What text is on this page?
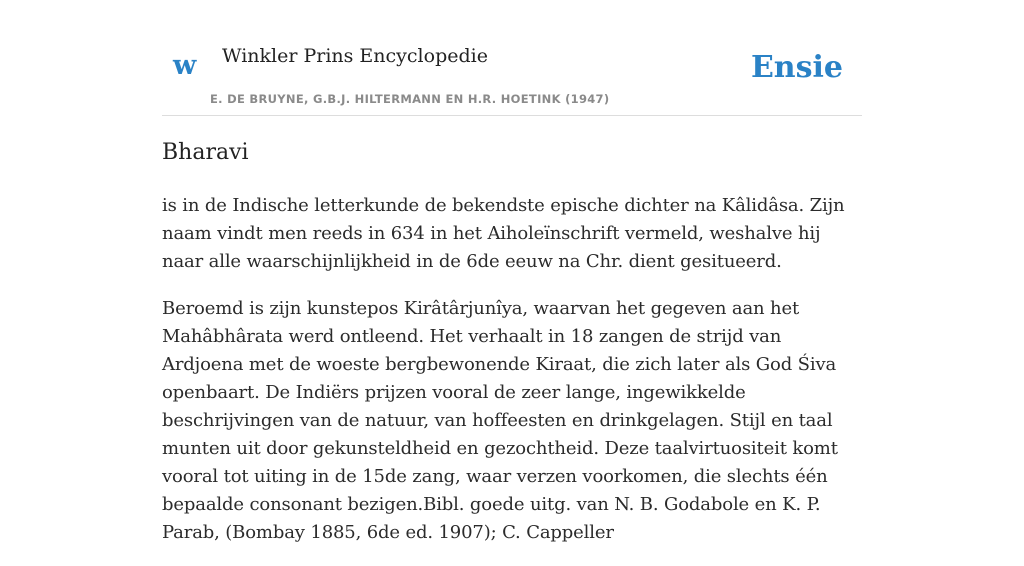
w Winkler Prins Encyclopedie
E. DE BRUYNE, G.B.J. HILTERMANN EN H.R. HOETINK (1947)
Ensie
Bharavi

is in de Indische letterkunde de bekendste epische dichter na Kâlidâsa. Zijn naam vindt men reeds in 634 in het Aiholeïnschrift vermeld, weshalve hij naar alle waarschijnlijkheid in de 6de eeuw na Chr. dient gesitueerd.

Beroemd is zijn kunstepos Kirâtârjunîya, waarvan het gegeven aan het Mahâbhârata werd ontleend. Het verhaalt in 18 zangen de strijd van Ardjoena met de woeste bergbewonende Kiraat, die zich later als God Śiva openbaart. De Indiërs prijzen vooral de zeer lange, ingewikkelde beschrijvingen van de natuur, van hoffeesten en drinkgelagen. Stijl en taal munten uit door gekunsteldheid en gezochtheid. Deze taalvirtuositeit komt vooral tot uiting in de 15de zang, waar verzen voorkomen, die slechts één bepaalde consonant bezigen.Bibl. goede uitg. van N. B. Godabole en K. P. Parab, (Bombay 1885, 6de ed. 1907); C. Cappeller
